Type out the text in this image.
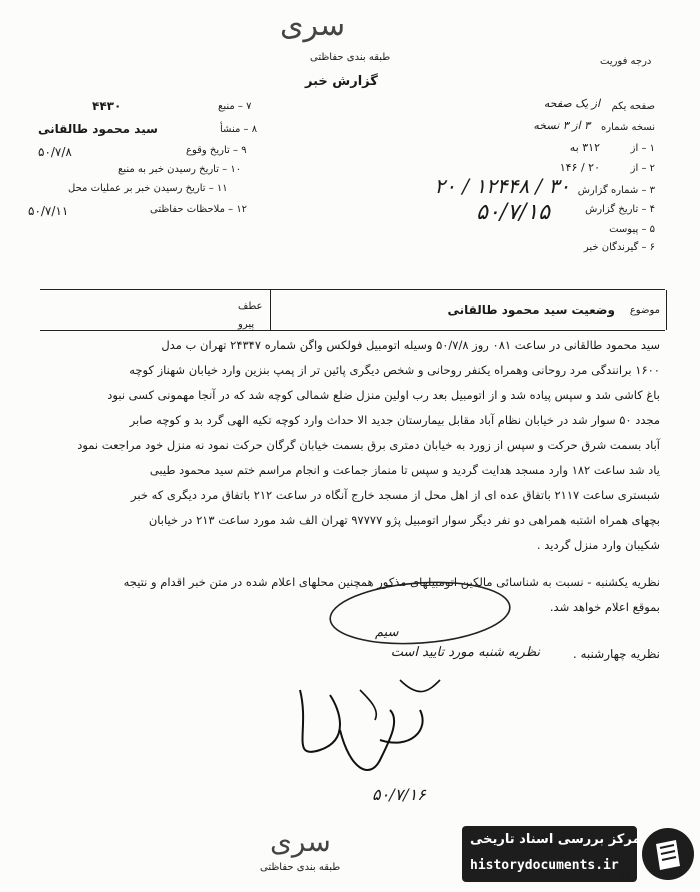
سری
طبقه بندی حفاظتی	درجه فوریت
گزارش خبر
صفحه یکم
از یک صفحه
نسخه شماره
۳ از ۳ نسخه
۱ – از
۳۱۲ به
۲ – از
۲۰ / ۱۴۶
۳ – شماره گزارش
۳۰ / ۱۲۴۴۸ / ۲۰
۴ – تاریخ گزارش
۵۰/۷/۱۵
۵ – پیوست
۶ – گیرندگان خبر
۷ – منبع
۴۴۳۰
۸ – منشأ
سید محمود طالقانی
۹ – تاریخ وقوع
۵۰/۷/۸
۱۰ – تاریخ رسیدن خبر به منبع
۱۱ – تاریخ رسیدن خبر بر عملیات محل
۱۲ – ملاحظات حفاظتی
۵۰/۷/۱۱
عطف
پیرو
موضوع
وضعیت سید محمود طالقانی
سید محمود طالقانی در ساعت ۰۸۱ روز ۵۰/۷/۸ وسیله اتومبیل فولکس واگن شماره ۲۴۳۴۷ تهران ب مدل
۱۶۰۰ برانندگی مرد روحانی وهمراه یکنفر روحانی و شخص دیگری پائین تر از پمپ بنزین وارد خیابان شهناز کوچه
باغ کاشی شد و سپس پیاده شد و از اتومبیل بعد رب اولین منزل ضلع شمالی کوچه شد که در آنجا مهمونی کسی نبود
مجدد ۵۰ سوار شد در خیابان نظام آباد مقابل بیمارستان جدید الا حداث وارد کوچه تکیه الهی گرد بد و کوچه صابر
آباد بسمت شرق حرکت و سپس از زورد به خیابان دمتری برق بسمت خیابان گرگان حرکت نمود نه منزل خود مراجعت نمود
یاد شد ساعت ۱۸۲ وارد مسجد هدایت گردید و سپس تا منماز جماعت و انجام مراسم ختم سید محمود طیبی
شبستری ساعت ۲۱۱۷ باتفاق عده ای از اهل محل از مسجد خارج آنگاه در ساعت ۲۱۲ باتفاق مرد دیگری که خبر
بچهای همراه اشتبه همراهی دو نفر دیگر سوار اتومبیل پژو ۹۷۷۷۷ تهران الف شد مورد ساعت ۲۱۳ در خیابان
شکیبان وارد منزل گردید .
نظریه یکشنبه - نسبت به شناسائی مالکین اتومبیلهای مذکور همچنین محلهای اعلام شده در متن خبر اقدام و نتیجه
بموقع اعلام خواهد شد.
سیم
نظریه چهارشنبه .
نظریه شنبه مورد تایید است
۵۰/۷/۱۶
سری
طبقه بندی حفاظتی
مرکز بررسی اسناد تاریخی
historydocuments.ir
۴۶
